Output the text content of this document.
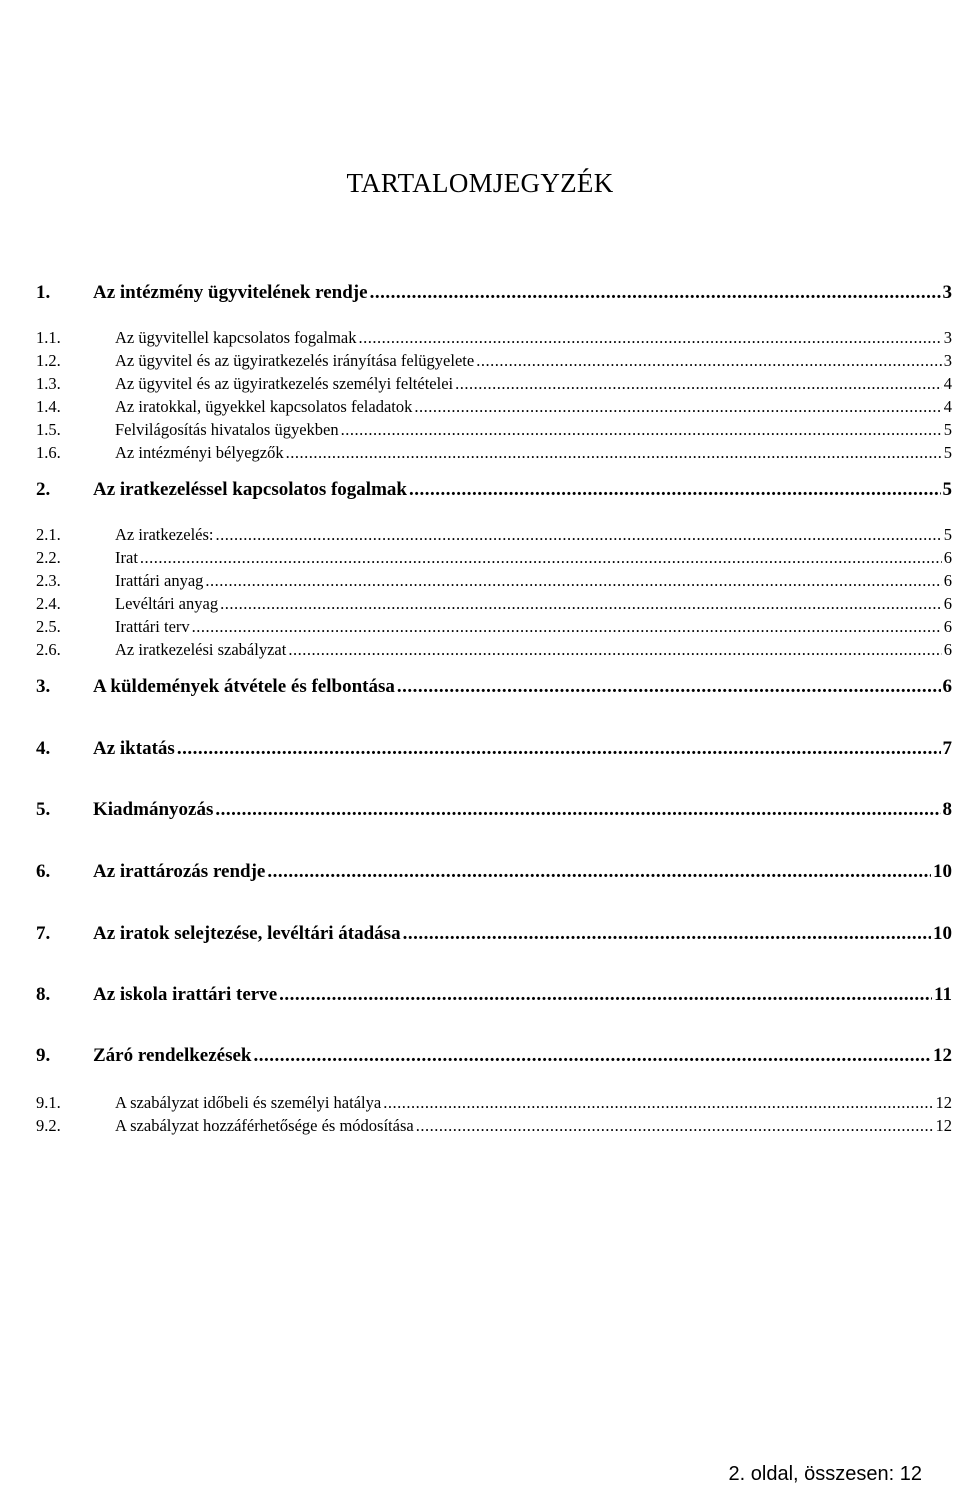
TARTALOMJEGYZÉK
1.	Az intézmény ügyvitelének rendje .....	3
1.1.	Az ügyvitellel kapcsolatos fogalmak .....	3
1.2.	Az ügyvitel és az ügyiratkezelés irányítása felügyelete .....	3
1.3.	Az ügyvitel és az ügyiratkezelés személyi feltételei .....	4
1.4.	Az iratokkal, ügyekkel kapcsolatos feladatok .....	4
1.5.	Felvilágosítás hivatalos ügyekben .....	5
1.6.	Az intézményi bélyegzők .....	5
2.	Az iratkezeléssel kapcsolatos fogalmak .....	5
2.1.	Az iratkezelés: .....	5
2.2.	Irat .....	6
2.3.	Irattári anyag .....	6
2.4.	Levéltári anyag .....	6
2.5.	Irattári terv .....	6
2.6.	Az iratkezelési szabályzat .....	6
3.	A küldemények átvétele és felbontása .....	6
4.	Az iktatás .....	7
5.	Kiadmányozás .....	8
6.	Az irattározás rendje .....	10
7.	Az iratok selejtezése, levéltári átadása .....	10
8.	Az iskola irattári terve .....	11
9.	Záró rendelkezések .....	12
9.1.	A szabályzat időbeli és személyi hatálya .....	12
9.2.	A szabályzat hozzáférhetősége és módosítása .....	12
2. oldal, összesen: 12
